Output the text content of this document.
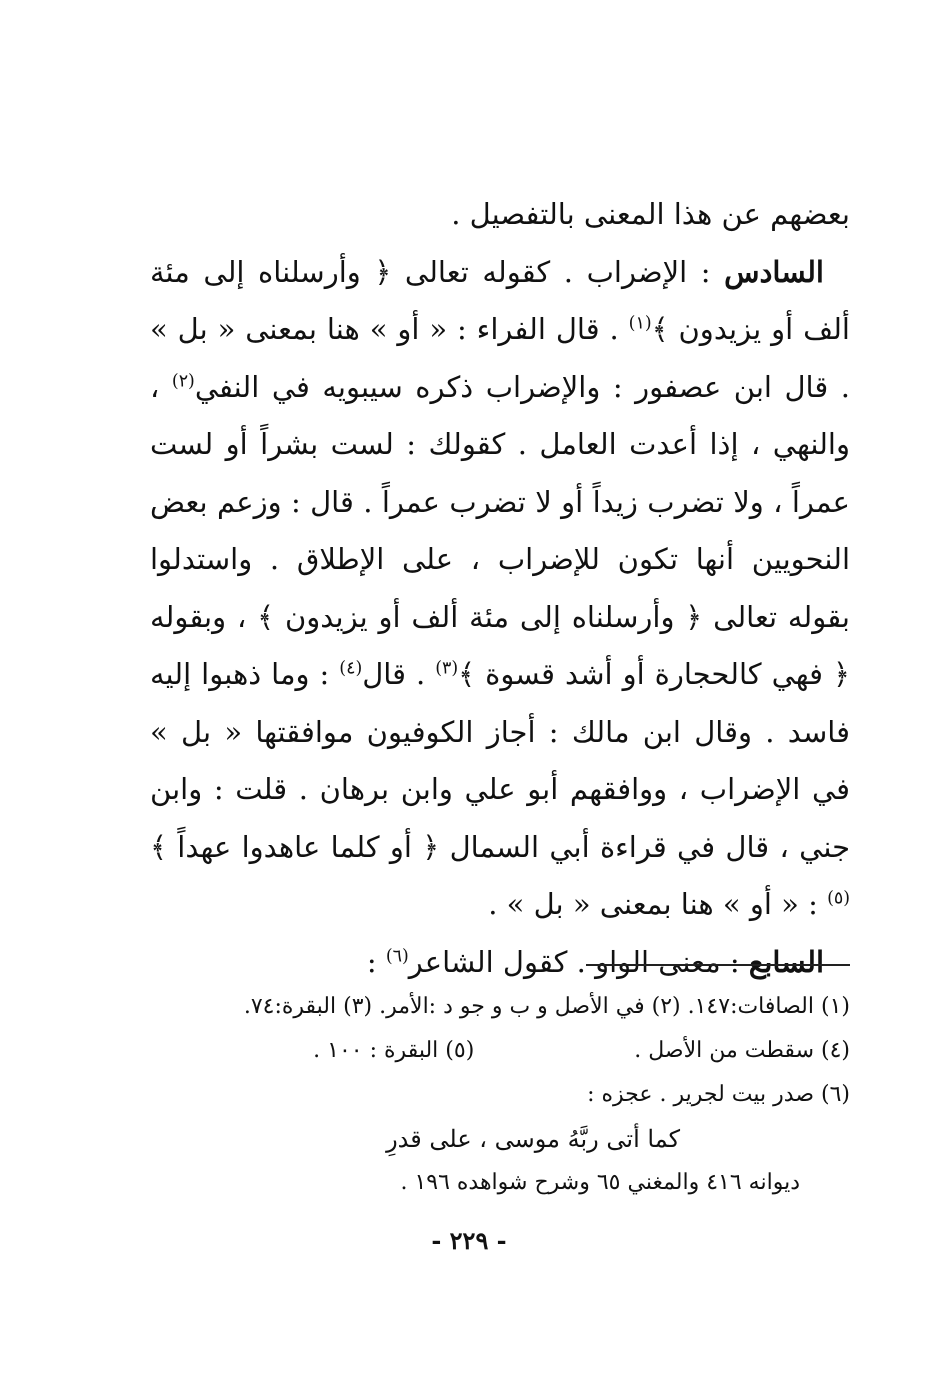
بعضهم عن هذا المعنى بالتفصيل .

السادس : الإضراب . كقوله تعالى ﴿ وأرسلناه إلى مئة ألف أو يزيدون ﴾$^{(١)}$ . قال الفراء : « أو » هنا بمعنى « بل » . قال ابن عصفور : والإضراب ذكره سيبويه في النفي$^{(٢)}$ ، والنهي ، إذا أعدت العامل . كقولك : لست بشراً أو لست عمراً ، ولا تضرب زيداً أو لا تضرب عمراً . قال : وزعم بعض النحويين أنها تكون للإضراب ، على الإطلاق . واستدلوا بقوله تعالى ﴿ وأرسلناه إلى مئة ألف أو يزيدون ﴾ ، وبقوله ﴿ فهي كالحجارة أو أشد قسوة ﴾$^{(٣)}$ . قال$^{(٤)}$ : وما ذهبوا إليه فاسد . وقال ابن مالك : أجاز الكوفيون موافقتها « بل » في الإضراب ، ووافقهم أبو علي وابن برهان . قلت : وابن جني ، قال في قراءة أبي السمال ﴿ أو كلما عاهدوا عهداً ﴾$^{(٥)}$ : « أو » هنا بمعنى « بل » .

السابع : معنى الواو . كقول الشاعر$^{(٦)}$ :

(١) الصافات:١٤٧. (٢) في الأصل و ب و جو د :الأمر. (٣) البقرة:٧٤.
(٤) سقطت من الأصل .(٥) البقرة : ١٠٠ .
(٦) صدر بيت لجرير . عجزه :
كما أتى ربَّهُ موسى ، على قدرِ
ديوانه ٤١٦ والمغني ٦٥ وشرح شواهده ١٩٦ .
- ٢٢٩ -
